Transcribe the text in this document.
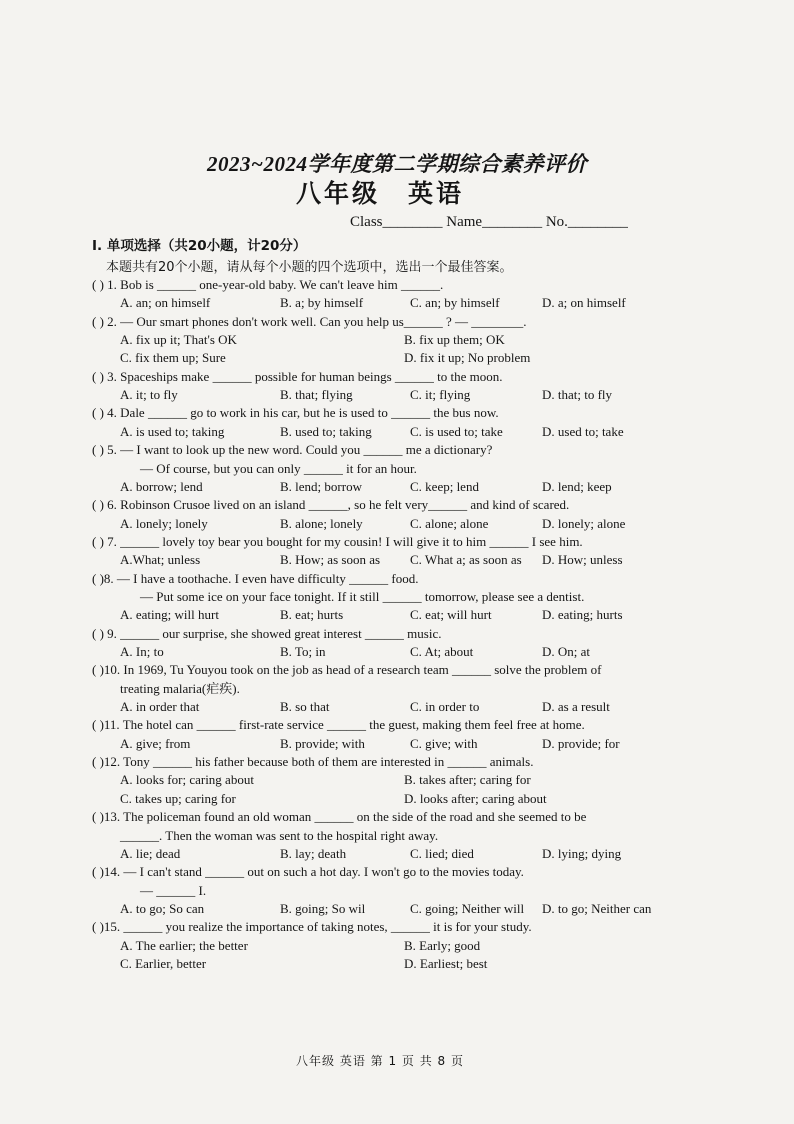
2023~2024学年度第二学期综合素养评价
八年级 英语
Class________ Name________ No.________
I. 单项选择（共20小题，计20分）
本题共有20个小题，请从每个小题的四个选项中，选出一个最佳答案。
( ) 1. Bob is ______ one-year-old baby. We can't leave him ______.
A. an; on himself	B. a; by himself	C. an; by himself	D. a; on himself
( ) 2. — Our smart phones don't work well. Can you help us______ ? — ________.
A. fix up it; That's OK	B. fix up them; OK
C. fix them up; Sure	D. fix it up; No problem
( ) 3. Spaceships make ______ possible for human beings ______ to the moon.
A. it; to fly	B. that; flying	C. it; flying	D. that; to fly
( ) 4. Dale ______ go to work in his car, but he is used to ______ the bus now.
A. is used to; taking	B. used to; taking	C. is used to; take	D. used to; take
( ) 5. — I want to look up the new word. Could you ______ me a dictionary?
— Of course, but you can only ______ it for an hour.
A. borrow; lend	B. lend; borrow	C. keep; lend	D. lend; keep
( ) 6. Robinson Crusoe lived on an island ______, so he felt very______ and kind of scared.
A. lonely; lonely	B. alone; lonely	C. alone; alone	D. lonely; alone
( ) 7. ______ lovely toy bear you bought for my cousin! I will give it to him ______ I see him.
A.What; unless	B. How; as soon as C. What a; as soon as D. How; unless
( )8. — I have a toothache. I even have difficulty ______ food.
— Put some ice on your face tonight. If it still ______ tomorrow, please see a dentist.
A. eating; will hurt	B. eat; hurts	C. eat; will hurt	D. eating; hurts
( ) 9. ______ our surprise, she showed great interest ______ music.
A. In; to	B. To; in	C. At; about	D. On; at
( )10. In 1969, Tu Youyou took on the job as head of a research team ______ solve the problem of
treating malaria(疟疾).
A. in order that	B. so that	C. in order to	D. as a result
( )11. The hotel can ______ first-rate service ______ the guest, making them feel free at home.
A. give; from	B. provide; with	C. give; with	D. provide; for
( )12. Tony ______ his father because both of them are interested in ______ animals.
A. looks for; caring about	B. takes after; caring for
C. takes up; caring for	D. looks after; caring about
( )13. The policeman found an old woman ______ on the side of the road and she seemed to be
______. Then the woman was sent to the hospital right away.
A. lie; dead	B. lay; death	C. lied; died	D. lying; dying
( )14. — I can't stand ______ out on such a hot day. I won't go to the movies today.
— ______ I.
A. to go; So can	B. going; So wil	C. going; Neither will D. to go; Neither can
( )15. ______ you realize the importance of taking notes, ______ it is for your study.
A. The earlier; the better	B. Early; good
C. Earlier, better	D. Earliest; best
八年级 英语 第 1 页 共 8 页
